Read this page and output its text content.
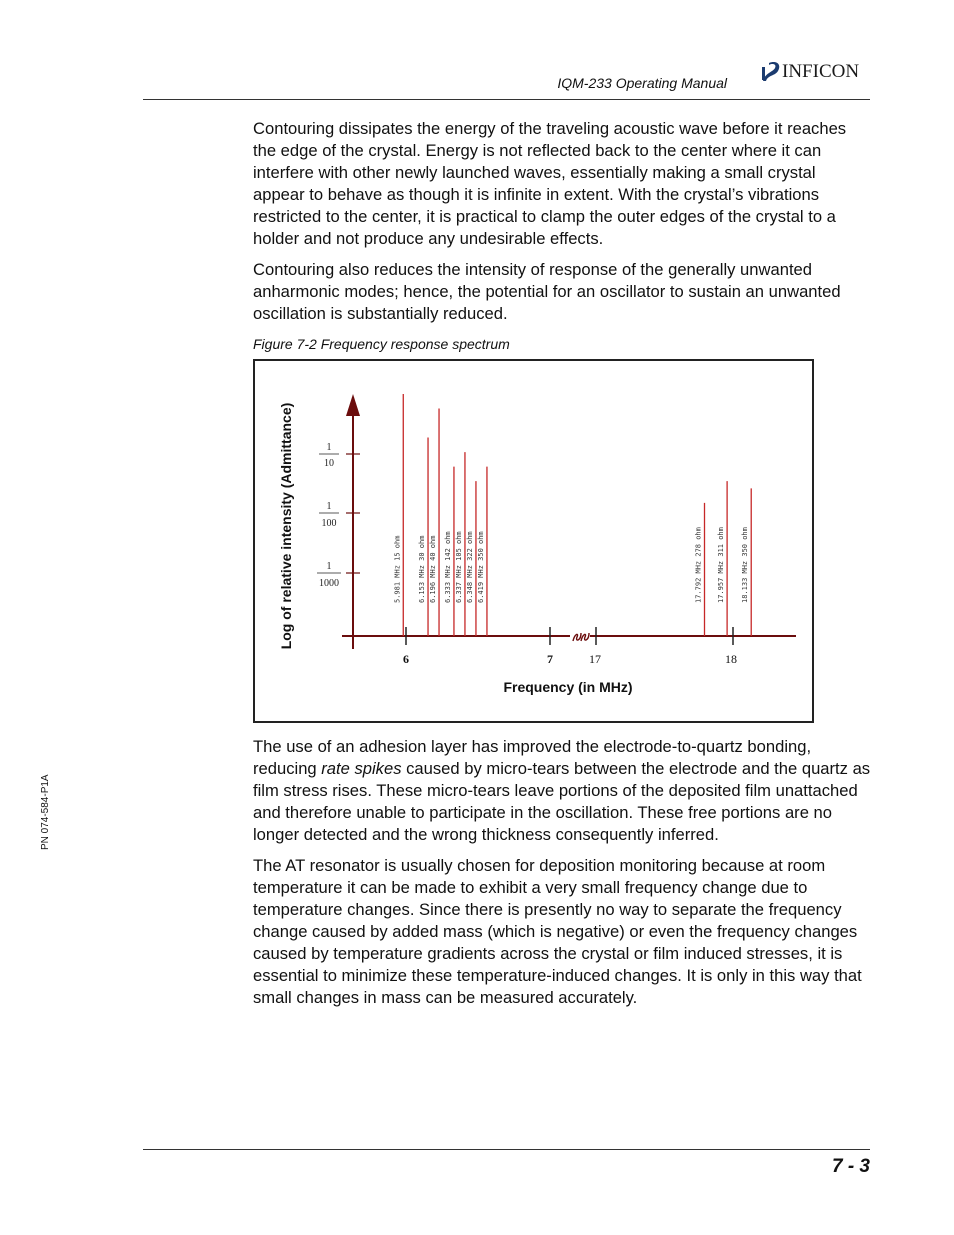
IQM-233 Operating Manual
INFICON

Contouring dissipates the energy of the traveling acoustic wave before it reaches the edge of the crystal. Energy is not reflected back to the center where it can interfere with other newly launched waves, essentially making a small crystal appear to behave as though it is infinite in extent. With the crystal’s vibrations restricted to the center, it is practical to clamp the outer edges of the crystal to a holder and not produce any undesirable effects.

Contouring also reduces the intensity of response of the generally unwanted anharmonic modes; hence, the potential for an oscillator to sustain an unwanted oscillation is substantially reduced.

Figure 7-2 Frequency response spectrum
1
10
1
100
1
1000
6	7	17	18
Frequency (in MHz)
Log of relative intensity (Admittance)	5.981 MHz 15 ohm 6.153 MHz 30 ohm 6.196 MHz 40 ohm 6.333 MHz 142 ohm 6.337 MHz 105 ohm 6.348 MHz 322 ohm 6.419 MHz 350 ohm	17.792 MHz 278 ohm 17.957 MHz 311 ohm 18.133 MHz 350 ohm

The use of an adhesion layer has improved the electrode-to-quartz bonding, reducing rate spikes caused by micro-tears between the electrode and the quartz as film stress rises. These micro-tears leave portions of the deposited film unattached and therefore unable to participate in the oscillation. These free portions are no longer detected and the wrong thickness consequently inferred.

The AT resonator is usually chosen for deposition monitoring because at room temperature it can be made to exhibit a very small frequency change due to temperature changes. Since there is presently no way to separate the frequency change caused by added mass (which is negative) or even the frequency changes caused by temperature gradients across the crystal or film induced stresses, it is essential to minimize these temperature-induced changes. It is only in this way that small changes in mass can be measured accurately.

PN 074-584-P1A
7 - 3
